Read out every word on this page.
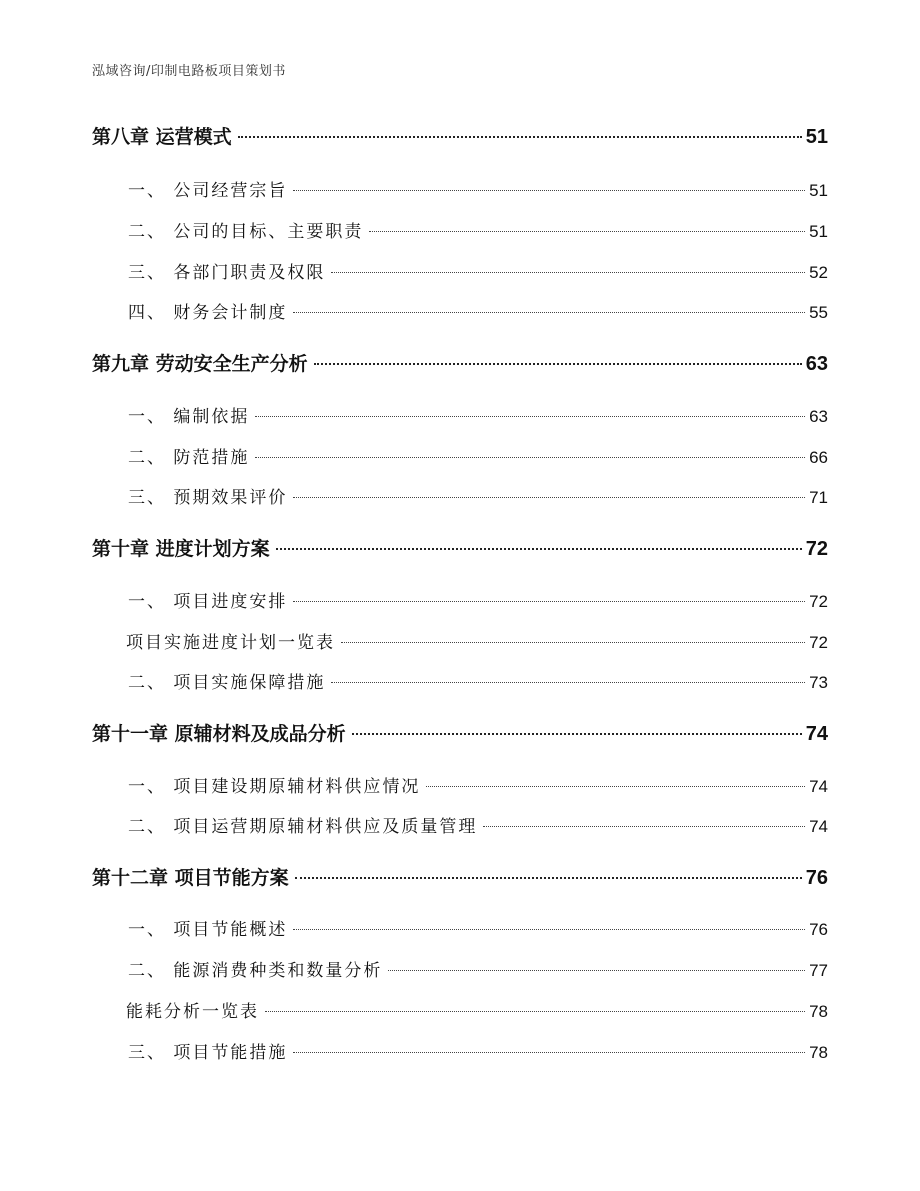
泓域咨询/印制电路板项目策划书
第八章 运营模式	51
一、 公司经营宗旨	51
二、 公司的目标、主要职责	51
三、 各部门职责及权限	52
四、 财务会计制度	55
第九章 劳动安全生产分析	63
一、 编制依据	63
二、 防范措施	66
三、 预期效果评价	71
第十章 进度计划方案	72
一、 项目进度安排	72
项目实施进度计划一览表	72
二、 项目实施保障措施	73
第十一章 原辅材料及成品分析	74
一、 项目建设期原辅材料供应情况	74
二、 项目运营期原辅材料供应及质量管理	74
第十二章 项目节能方案	76
一、 项目节能概述	76
二、 能源消费种类和数量分析	77
能耗分析一览表	78
三、 项目节能措施	78
